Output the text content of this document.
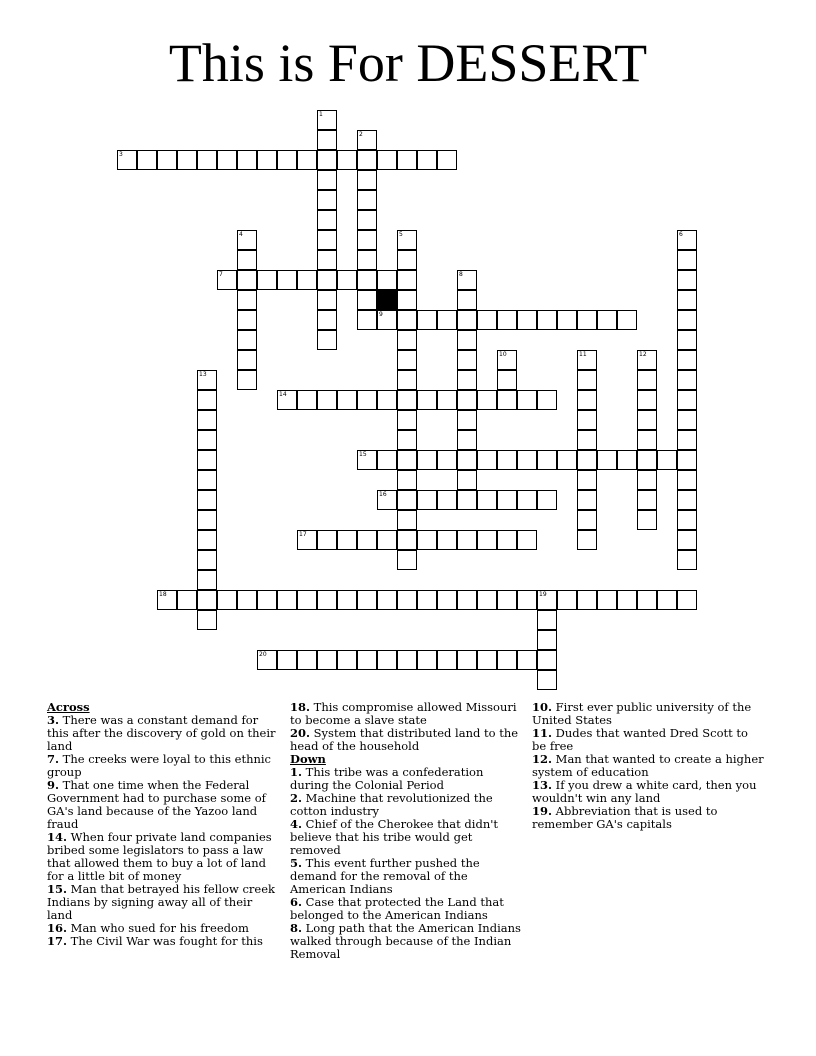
This is For DESSERT
1
2
3
4	5	6
7	8
9
10	11	12
13
14
15
16
17
18	19
20
Across

3. There was a constant demand for this after the discovery of gold on their land

7. The creeks were loyal to this ethnic group

9. That one time when the Federal Government had to purchase some of GA's land because of the Yazoo land fraud

14. When four private land companies bribed some legislators to pass a law that allowed them to buy a lot of land for a little bit of money

15. Man that betrayed his fellow creek Indians by signing away all of their land

16. Man who sued for his freedom

17. The Civil War was fought for this

18. This compromise allowed Missouri to become a slave state

20. System that distributed land to the head of the household

Down

1. This tribe was a confederation during the Colonial Period

2. Machine that revolutionized the cotton industry

4. Chief of the Cherokee that didn't believe that his tribe would get removed

5. This event further pushed the demand for the removal of the American Indians

6. Case that protected the Land that belonged to the American Indians

8. Long path that the American Indians walked through because of the Indian Removal

10. First ever public university of the United States

11. Dudes that wanted Dred Scott to be free

12. Man that wanted to create a higher system of education

13. If you drew a white card, then you wouldn't win any land

19. Abbreviation that is used to remember GA's capitals
